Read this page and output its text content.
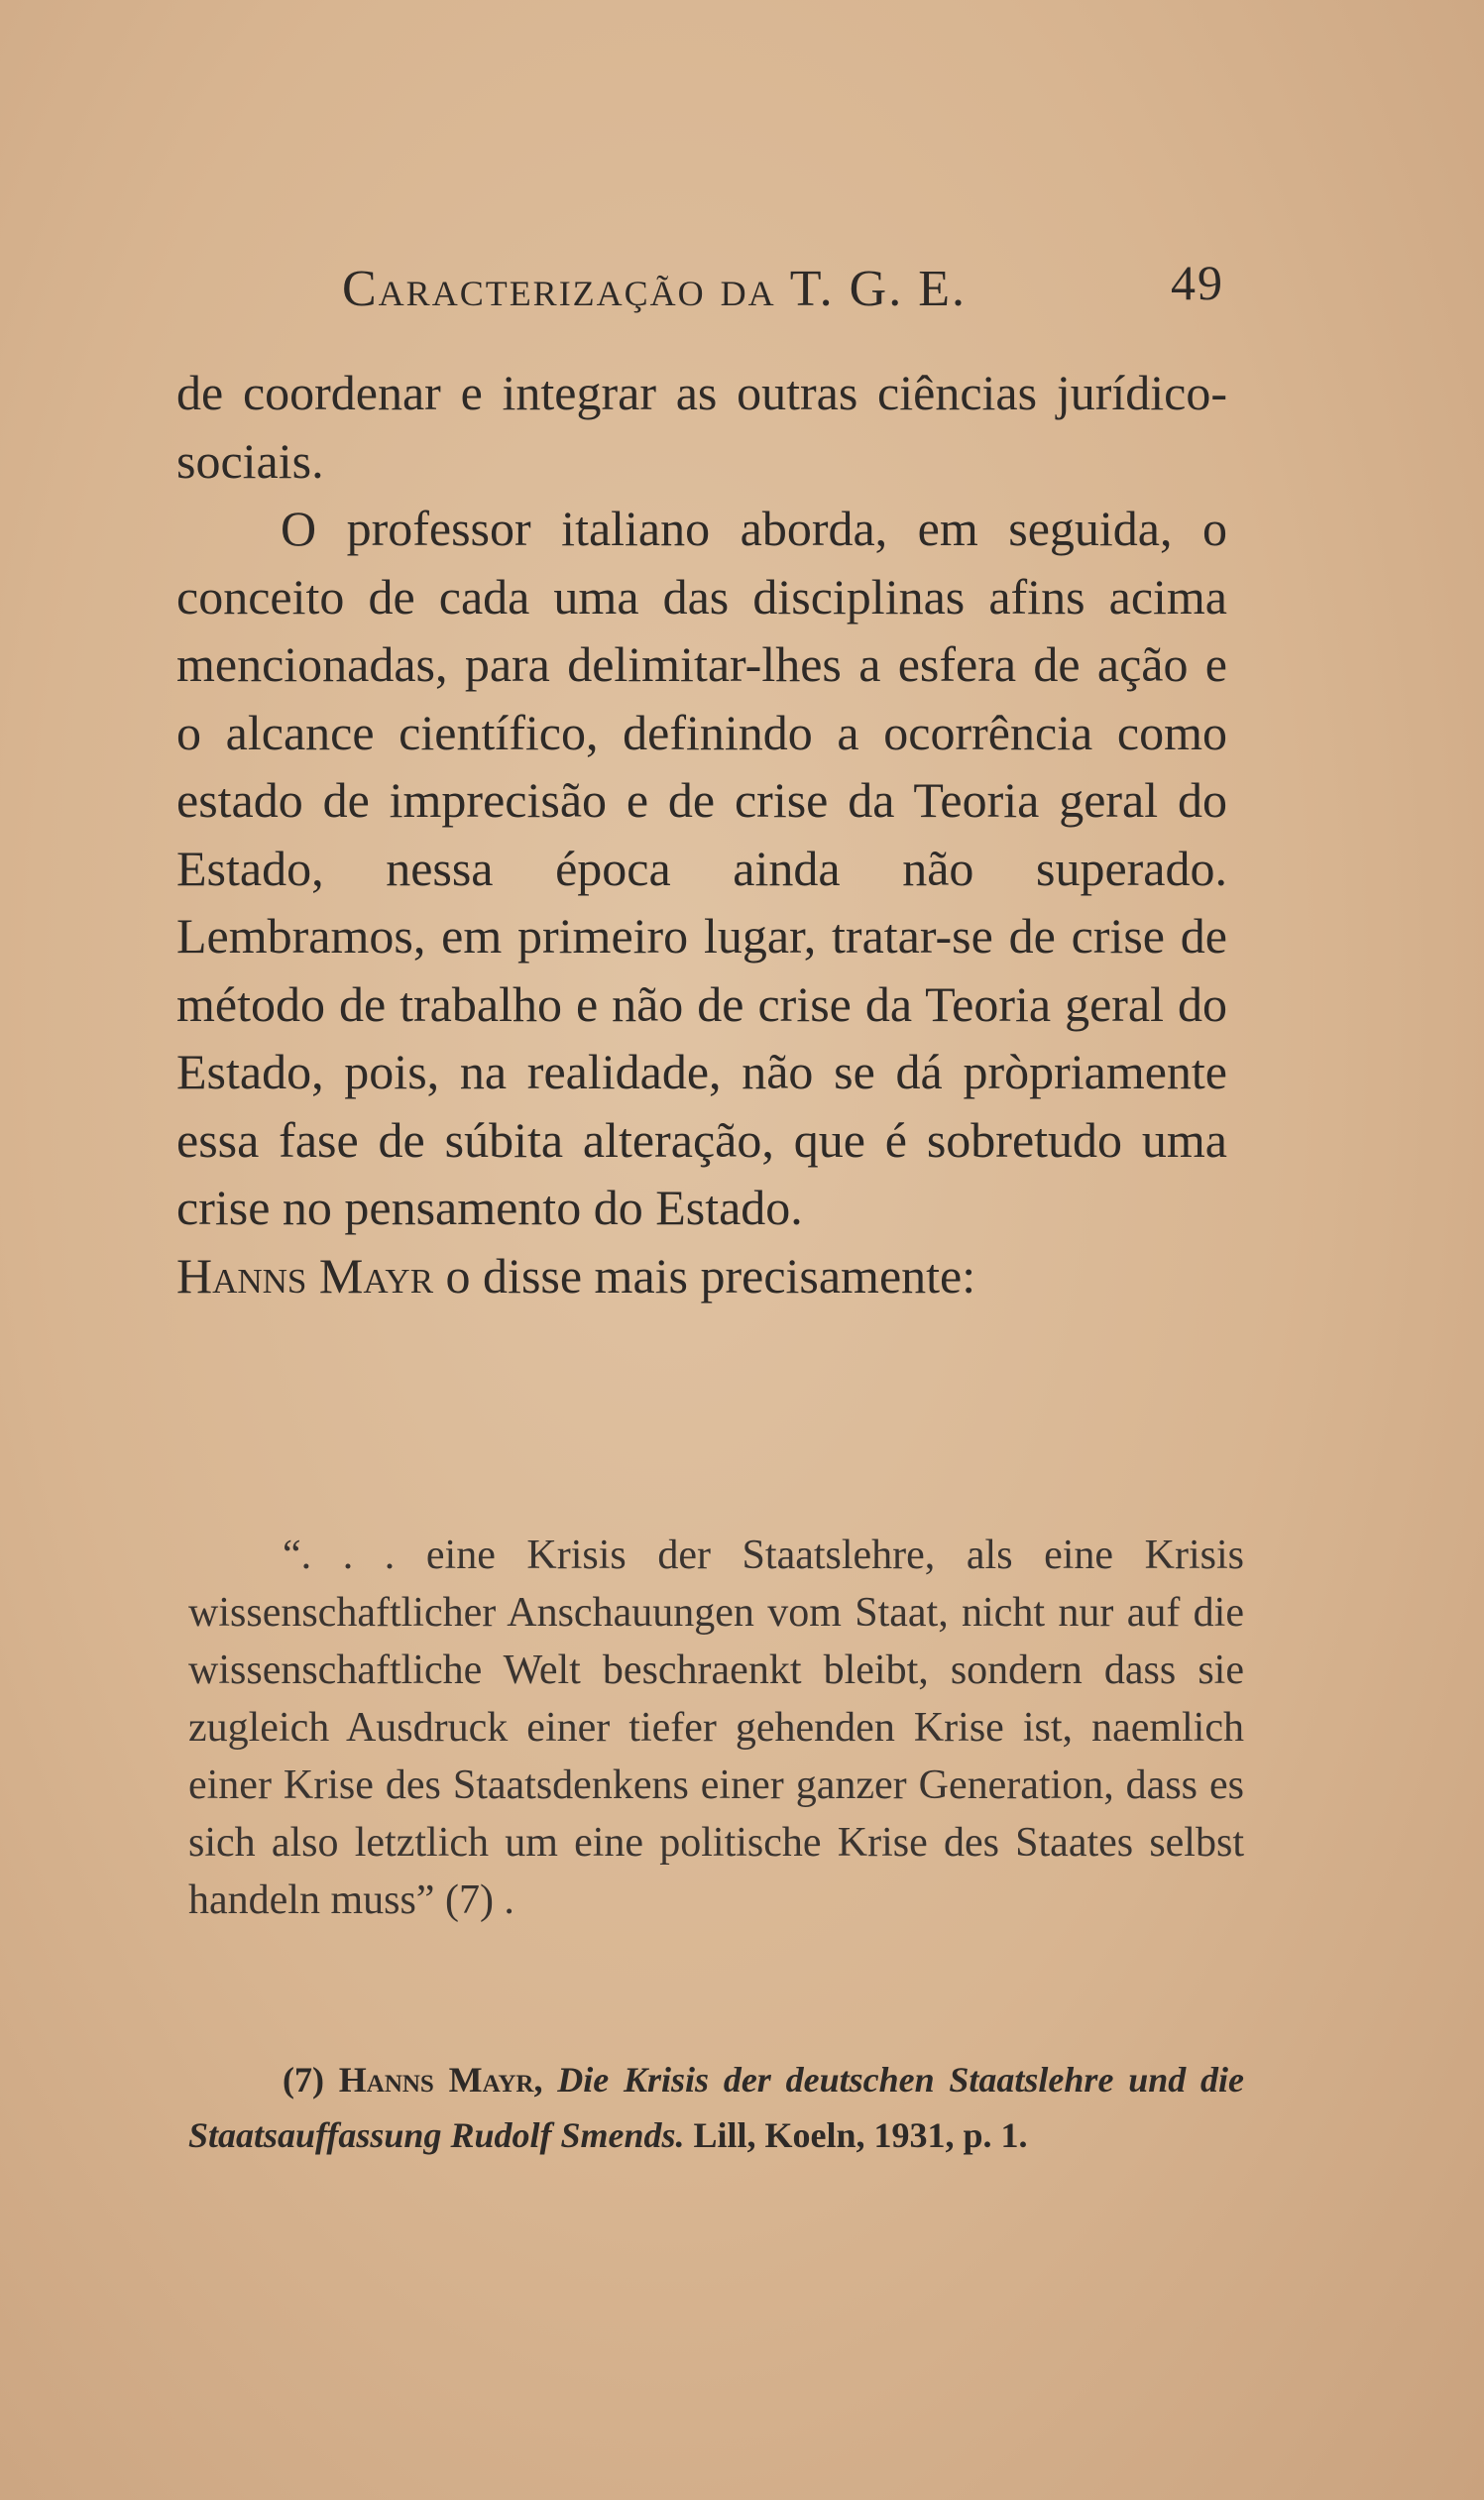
Caracterização da T. G. E.	49

de coordenar e integrar as outras ciências jurídico-sociais.

O professor italiano aborda, em seguida, o conceito de cada uma das disciplinas afins acima mencionadas, para delimitar-lhes a esfera de ação e o alcance científico, definindo a ocorrência como estado de imprecisão e de crise da Teoria geral do Estado, nessa época ainda não superado. Lembramos, em primeiro lugar, tratar-se de crise de método de trabalho e não de crise da Teoria geral do Estado, pois, na realidade, não se dá pròpriamente essa fase de súbita alteração, que é sobretudo uma crise no pensamento do Estado.
Hanns Mayr o disse mais precisamente:

“. . . eine Krisis der Staatslehre, als eine Krisis wissenschaftlicher Anschauungen vom Staat, nicht nur auf die wissenschaftliche Welt beschraenkt bleibt, sondern dass sie zugleich Ausdruck einer tiefer gehenden Krise ist, naemlich einer Krise des Staatsdenkens einer ganzer Generation, dass es sich also letztlich um eine politische Krise des Staates selbst handeln muss” (7) .

(7) Hanns Mayr, Die Krisis der deutschen Staatslehre und die Staatsauffassung Rudolf Smends. Lill, Koeln, 1931, p. 1.
